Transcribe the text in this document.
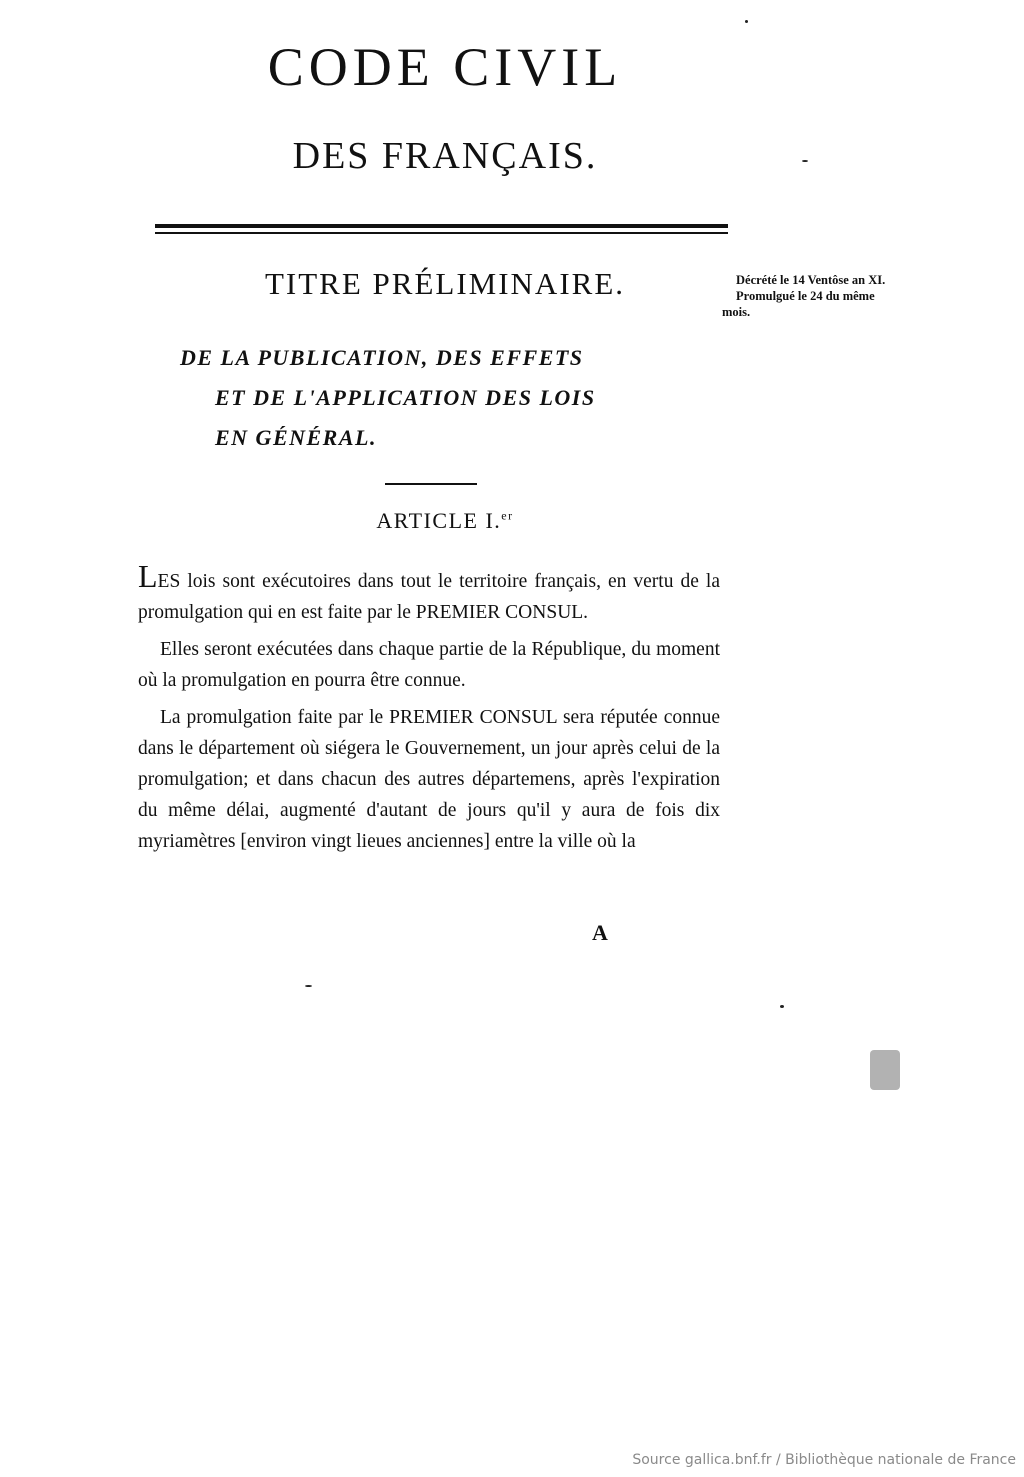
CODE CIVIL
DES FRANÇAIS.
TITRE PRÉLIMINAIRE.	Décrété le 14 Ventôse an XI.

Promulgué le 24 du même mois.

DE LA PUBLICATION, DES EFFETS
ET DE L'APPLICATION DES LOIS
EN GÉNÉRAL.
ARTICLE I.$^{er}$

LES lois sont exécutoires dans tout le territoire français, en vertu de la promulgation qui en est faite par le PREMIER CONSUL.

Elles seront exécutées dans chaque partie de la République, du moment où la promulgation en pourra être connue.

La promulgation faite par le PREMIER CONSUL sera réputée connue dans le département où siégera le Gouvernement, un jour après celui de la promulgation; et dans chacun des autres départemens, après l'expiration du même délai, augmenté d'autant de jours qu'il y aura de fois dix myriamètres [environ vingt lieues anciennes] entre la ville où la

A
Source gallica.bnf.fr / Bibliothèque nationale de France
